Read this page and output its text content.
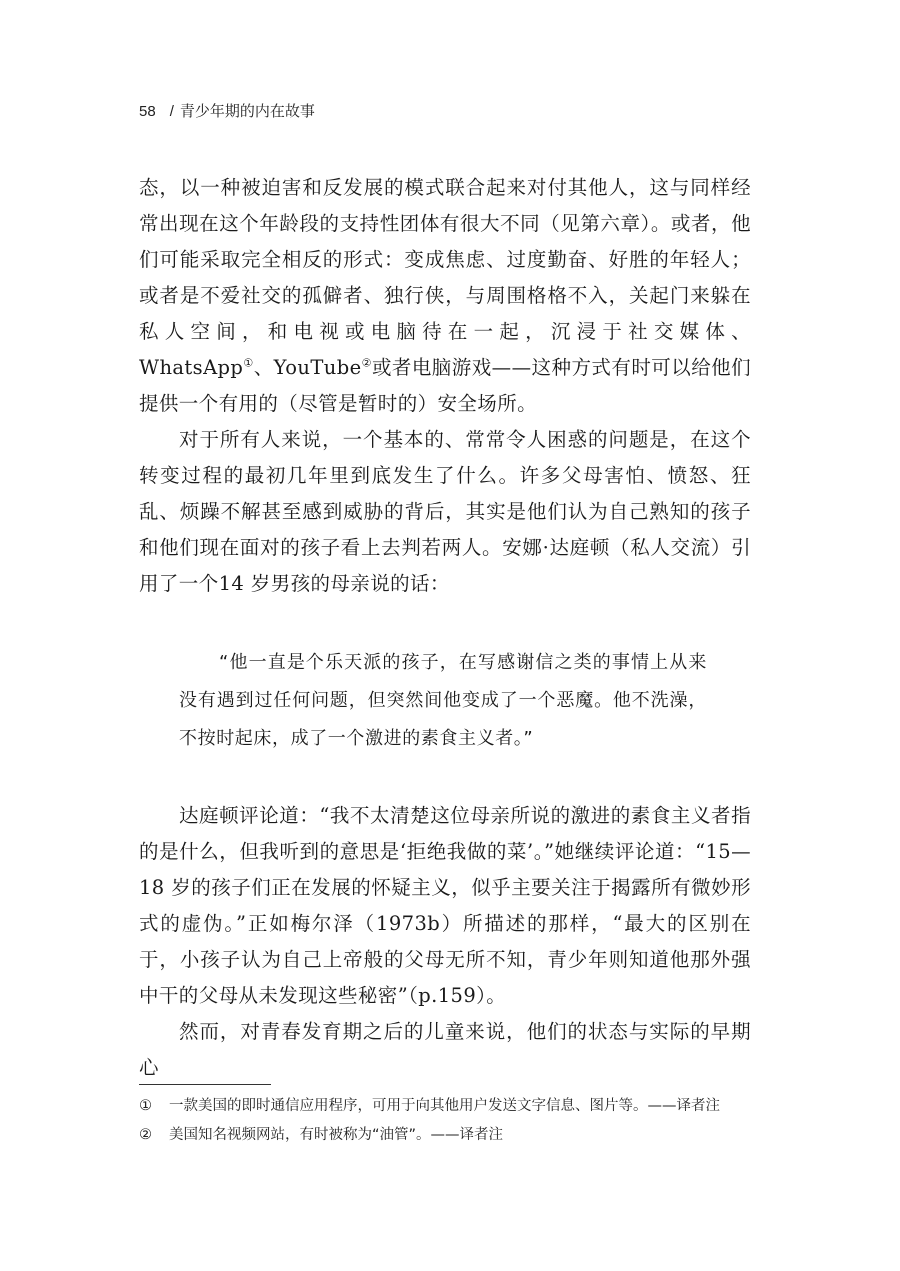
58 / 青少年期的内在故事

态，以一种被迫害和反发展的模式联合起来对付其他人，这与同样经常出现在这个年龄段的支持性团体有很大不同（见第六章）。或者，他们可能采取完全相反的形式：变成焦虑、过度勤奋、好胜的年轻人；或者是不爱社交的孤僻者、独行侠，与周围格格不入，关起门来躲在私人空间，和电视或电脑待在一起，沉浸于社交媒体、WhatsApp①、YouTube②或者电脑游戏——这种方式有时可以给他们提供一个有用的（尽管是暂时的）安全场所。

对于所有人来说，一个基本的、常常令人困惑的问题是，在这个转变过程的最初几年里到底发生了什么。许多父母害怕、愤怒、狂乱、烦躁不解甚至感到威胁的背后，其实是他们认为自己熟知的孩子和他们现在面对的孩子看上去判若两人。安娜·达庭顿（私人交流）引用了一个14 岁男孩的母亲说的话：

“他一直是个乐天派的孩子，在写感谢信之类的事情上从来没有遇到过任何问题，但突然间他变成了一个恶魔。他不洗澡，不按时起床，成了一个激进的素食主义者。”

达庭顿评论道：“我不太清楚这位母亲所说的激进的素食主义者指的是什么，但我听到的意思是‘拒绝我做的菜’。”她继续评论道：“15—18 岁的孩子们正在发展的怀疑主义，似乎主要关注于揭露所有微妙形式的虚伪。”正如梅尔泽（1973b）所描述的那样，“最大的区别在于，小孩子认为自己上帝般的父母无所不知，青少年则知道他那外强中干的父母从未发现这些秘密”（p.159）。

然而，对青春发育期之后的儿童来说，他们的状态与实际的早期心

①	一款美国的即时通信应用程序，可用于向其他用户发送文字信息、图片等。——译者注
②	美国知名视频网站，有时被称为“油管”。——译者注
